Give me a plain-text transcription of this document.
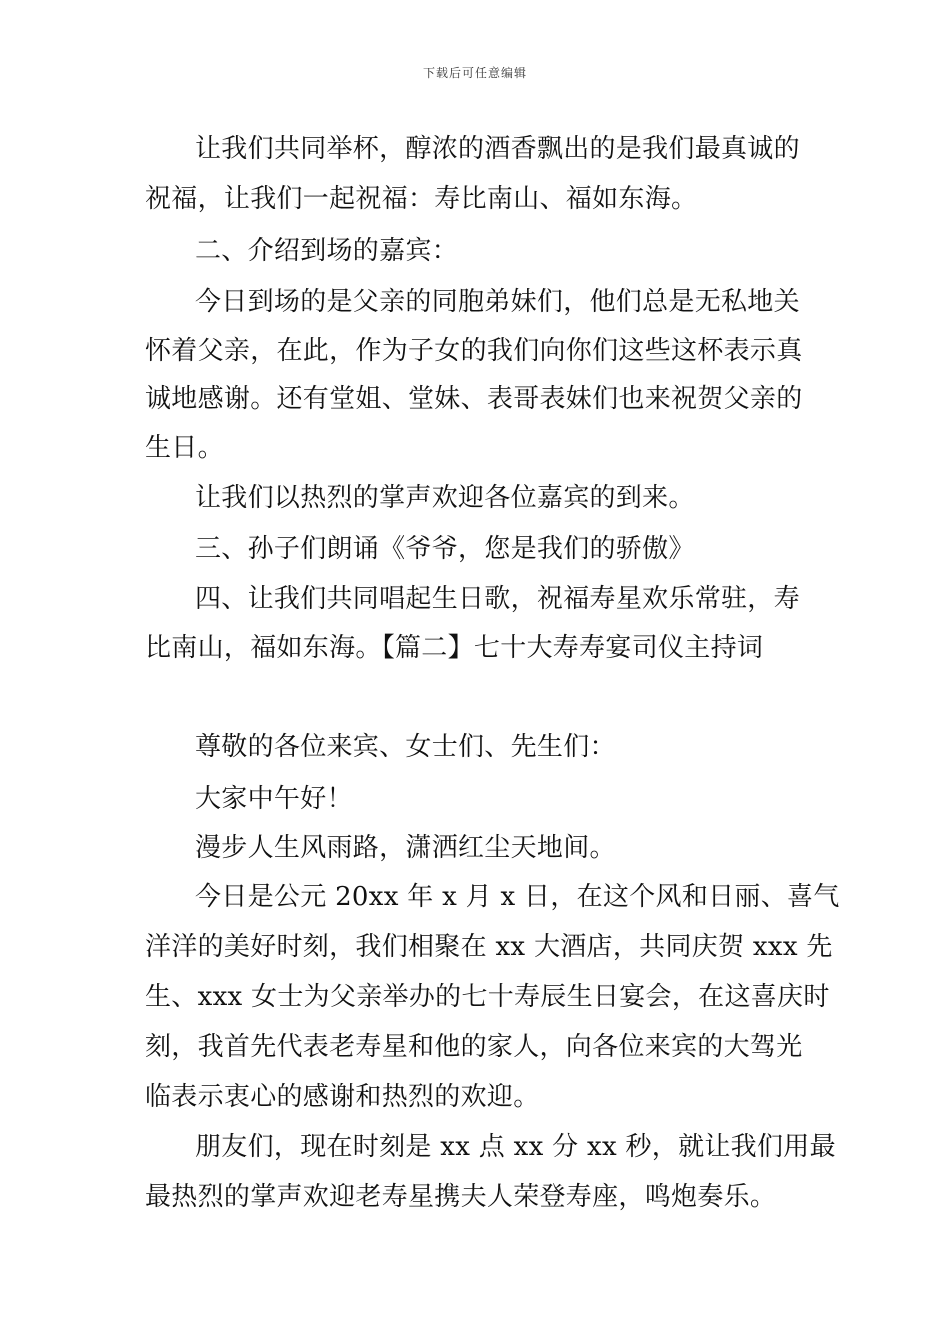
下载后可任意编辑
让我们共同举杯，醇浓的酒香飘出的是我们最真诚的
祝福，让我们一起祝福：寿比南山、福如东海。
二、介绍到场的嘉宾：
今日到场的是父亲的同胞弟妹们，他们总是无私地关
怀着父亲，在此，作为子女的我们向你们这些这杯表示真
诚地感谢。还有堂姐、堂妹、表哥表妹们也来祝贺父亲的
生日。
让我们以热烈的掌声欢迎各位嘉宾的到来。
三、孙子们朗诵《爷爷，您是我们的骄傲》
四、让我们共同唱起生日歌，祝福寿星欢乐常驻，寿
比南山，福如东海。【篇二】七十大寿寿宴司仪主持词
尊敬的各位来宾、女士们、先生们：
大家中午好！
漫步人生风雨路，潇洒红尘天地间。
今日是公元 20xx 年 x 月 x 日，在这个风和日丽、喜气
洋洋的美好时刻，我们相聚在 xx 大酒店，共同庆贺 xxx 先
生、xxx 女士为父亲举办的七十寿辰生日宴会，在这喜庆时
刻，我首先代表老寿星和他的家人，向各位来宾的大驾光
临表示衷心的感谢和热烈的欢迎。
朋友们，现在时刻是 xx 点 xx 分 xx 秒，就让我们用最
最热烈的掌声欢迎老寿星携夫人荣登寿座，鸣炮奏乐。
